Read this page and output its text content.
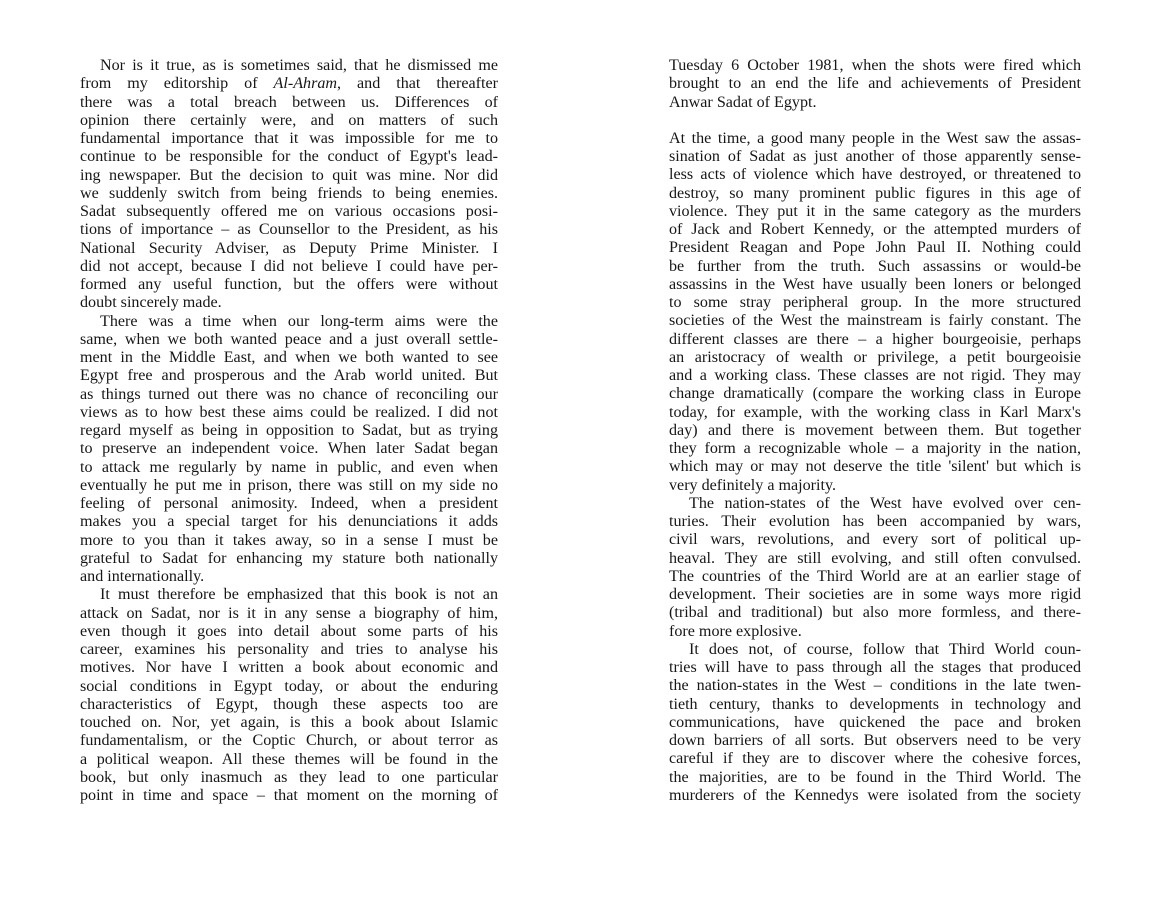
Nor is it true, as is sometimes said, that he dismissed me
from my editorship of Al-Ahram, and that thereafter
there was a total breach between us. Differences of
opinion there certainly were, and on matters of such
fundamental importance that it was impossible for me to
continue to be responsible for the conduct of Egypt's lead-
ing newspaper. But the decision to quit was mine. Nor did
we suddenly switch from being friends to being enemies.
Sadat subsequently offered me on various occasions posi-
tions of importance – as Counsellor to the President, as his
National Security Adviser, as Deputy Prime Minister. I
did not accept, because I did not believe I could have per-
formed any useful function, but the offers were without
doubt sincerely made.
There was a time when our long-term aims were the
same, when we both wanted peace and a just overall settle-
ment in the Middle East, and when we both wanted to see
Egypt free and prosperous and the Arab world united. But
as things turned out there was no chance of reconciling our
views as to how best these aims could be realized. I did not
regard myself as being in opposition to Sadat, but as trying
to preserve an independent voice. When later Sadat began
to attack me regularly by name in public, and even when
eventually he put me in prison, there was still on my side no
feeling of personal animosity. Indeed, when a president
makes you a special target for his denunciations it adds
more to you than it takes away, so in a sense I must be
grateful to Sadat for enhancing my stature both nationally
and internationally.
It must therefore be emphasized that this book is not an
attack on Sadat, nor is it in any sense a biography of him,
even though it goes into detail about some parts of his
career, examines his personality and tries to analyse his
motives. Nor have I written a book about economic and
social conditions in Egypt today, or about the enduring
characteristics of Egypt, though these aspects too are
touched on. Nor, yet again, is this a book about Islamic
fundamentalism, or the Coptic Church, or about terror as
a political weapon. All these themes will be found in the
book, but only inasmuch as they lead to one particular
point in time and space – that moment on the morning of
Tuesday 6 October 1981, when the shots were fired which
brought to an end the life and achievements of President
Anwar Sadat of Egypt.
At the time, a good many people in the West saw the assas-
sination of Sadat as just another of those apparently sense-
less acts of violence which have destroyed, or threatened to
destroy, so many prominent public figures in this age of
violence. They put it in the same category as the murders
of Jack and Robert Kennedy, or the attempted murders of
President Reagan and Pope John Paul II. Nothing could
be further from the truth. Such assassins or would-be
assassins in the West have usually been loners or belonged
to some stray peripheral group. In the more structured
societies of the West the mainstream is fairly constant. The
different classes are there – a higher bourgeoisie, perhaps
an aristocracy of wealth or privilege, a petit bourgeoisie
and a working class. These classes are not rigid. They may
change dramatically (compare the working class in Europe
today, for example, with the working class in Karl Marx's
day) and there is movement between them. But together
they form a recognizable whole – a majority in the nation,
which may or may not deserve the title 'silent' but which is
very definitely a majority.
The nation-states of the West have evolved over cen-
turies. Their evolution has been accompanied by wars,
civil wars, revolutions, and every sort of political up-
heaval. They are still evolving, and still often convulsed.
The countries of the Third World are at an earlier stage of
development. Their societies are in some ways more rigid
(tribal and traditional) but also more formless, and there-
fore more explosive.
It does not, of course, follow that Third World coun-
tries will have to pass through all the stages that produced
the nation-states in the West – conditions in the late twen-
tieth century, thanks to developments in technology and
communications, have quickened the pace and broken
down barriers of all sorts. But observers need to be very
careful if they are to discover where the cohesive forces,
the majorities, are to be found in the Third World. The
murderers of the Kennedys were isolated from the society
